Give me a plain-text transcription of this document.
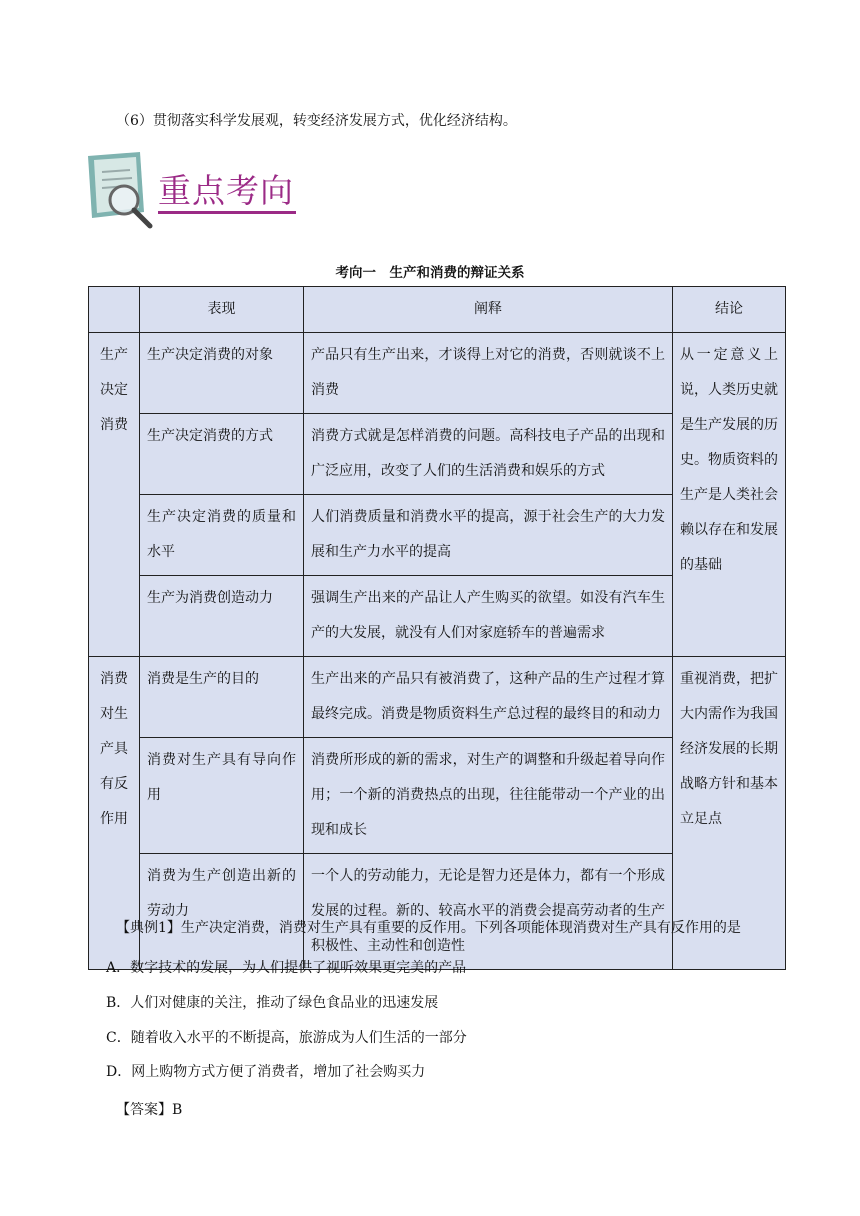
（6）贯彻落实科学发展观，转变经济发展方式，优化经济结构。
重点考向
考向一　生产和消费的辩证关系
	表现	阐释	结论
生产决定消费	生产决定消费的对象	产品只有生产出来，才谈得上对它的消费，否则就谈不上消费	从一定意义上说，人类历史就是生产发展的历史。物质资料的生产是人类社会赖以存在和发展的基础
	生产决定消费的方式	消费方式就是怎样消费的问题。高科技电子产品的出现和广泛应用，改变了人们的生活消费和娱乐的方式	
	生产决定消费的质量和水平	人们消费质量和消费水平的提高，源于社会生产的大力发展和生产力水平的提高	
	生产为消费创造动力	强调生产出来的产品让人产生购买的欲望。如没有汽车生产的大发展，就没有人们对家庭轿车的普遍需求	
消费对生产具有反作用	消费是生产的目的	生产出来的产品只有被消费了，这种产品的生产过程才算最终完成。消费是物质资料生产总过程的最终目的和动力	重视消费，把扩大内需作为我国经济发展的长期战略方针和基本立足点
	消费对生产具有导向作用	消费所形成的新的需求，对生产的调整和升级起着导向作用；一个新的消费热点的出现，往往能带动一个产业的出现和成长	
	消费为生产创造出新的劳动力	一个人的劳动能力，无论是智力还是体力，都有一个形成发展的过程。新的、较高水平的消费会提高劳动者的生产积极性、主动性和创造性	
【典例1】生产决定消费，消费对生产具有重要的反作用。下列各项能体现消费对生产具有反作用的是
A．数字技术的发展，为人们提供了视听效果更完美的产品
B．人们对健康的关注，推动了绿色食品业的迅速发展
C．随着收入水平的不断提高，旅游成为人们生活的一部分
D．网上购物方式方便了消费者，增加了社会购买力
【答案】B
